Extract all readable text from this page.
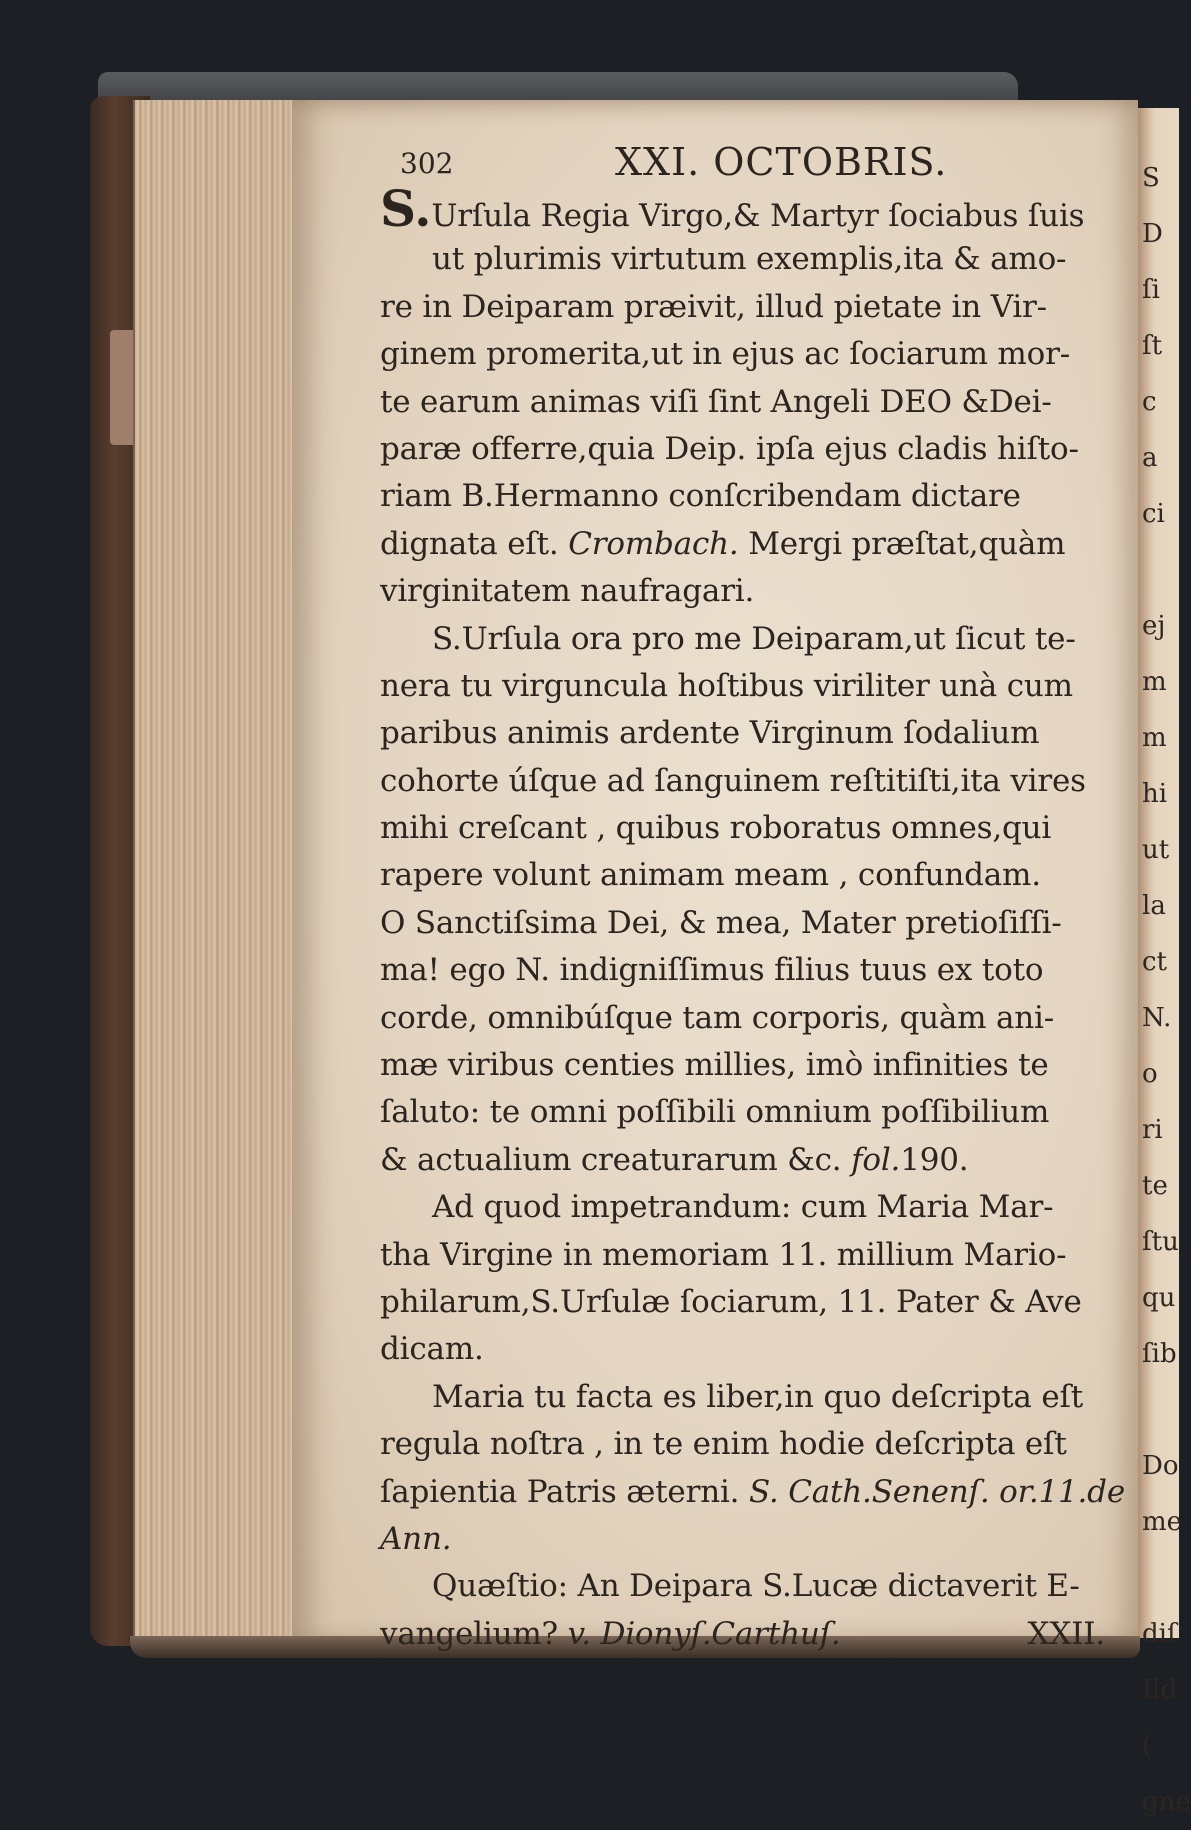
S
D
ſi
ſt
c
a
ci
ej
m
m
hi
ut
la
ct
N.
o
ri
te
ſtu
qu
ſib
Do
me
diſ
Ild
(
gne
302	XXI. OCTOBRIS.
S.Urſula Regia Virgo,& Martyr ſociabus ſuis
ut plurimis virtutum exemplis,ita & amo-
re in Deiparam præivit, illud pietate in Vir-
ginem promerita,ut in ejus ac ſociarum mor-
te earum animas viſi ſint Angeli DEO &Dei-
paræ offerre,quia Deip. ipſa ejus cladis hiſto-
riam B.Hermanno conſcribendam dictare
dignata eſt. Crombach. Mergi præſtat,quàm
virginitatem naufragari.
S.Urſula ora pro me Deiparam,ut ſicut te-
nera tu virguncula hoſtibus viriliter unà cum
paribus animis ardente Virginum ſodalium
cohorte úſque ad ſanguinem reſtitiſti,ita vires
mihi creſcant , quibus roboratus omnes,qui
rapere volunt animam meam , confundam.
O Sanctiſsima Dei, & mea, Mater pretioſiſſi-
ma! ego N. indigniſſimus filius tuus ex toto
corde, omnibúſque tam corporis, quàm ani-
mæ viribus centies millies, imò infinities te
ſaluto: te omni poſſibili omnium poſſibilium
& actualium creaturarum &c. fol.190.
Ad quod impetrandum: cum Maria Mar-
tha Virgine in memoriam 11. millium Mario-
philarum,S.Urſulæ ſociarum, 11. Pater & Ave
dicam.
Maria tu facta es liber,in quo deſcripta eſt
regula noſtra , in te enim hodie deſcripta eſt
ſapientia Patris æterni. S. Cath.Senenſ. or.11.de
Ann.
Quæſtio: An Deipara S.Lucæ dictaverit E-
vangelium? v. Dionyſ.Carthuſ.	XXII.
